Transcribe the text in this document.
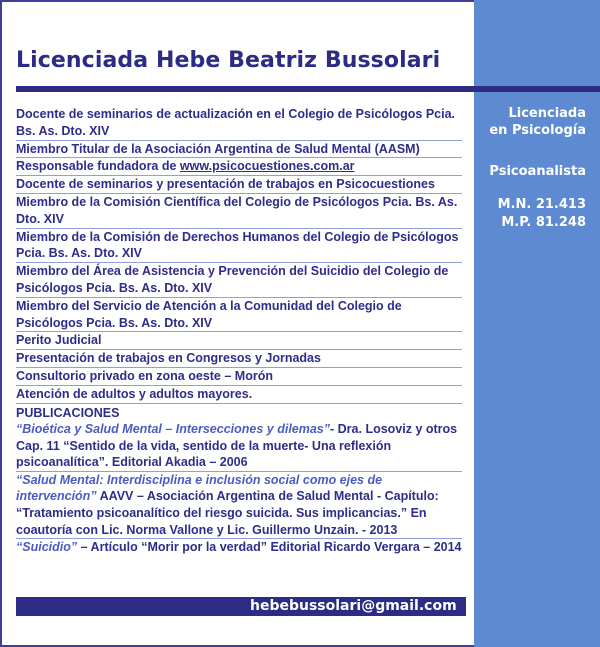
Licenciada Hebe Beatriz Bussolari
Docente de seminarios de actualización en el Colegio de Psicólogos Pcia. Bs. As. Dto. XIV
Miembro Titular de la Asociación Argentina de Salud Mental (AASM)
Responsable fundadora de www.psicocuestiones.com.ar
Docente de seminarios y presentación de trabajos en Psicocuestiones
Miembro de la Comisión Científica del Colegio de Psicólogos Pcia. Bs. As. Dto. XIV
Miembro de la Comisión de Derechos Humanos del Colegio de Psicólogos Pcia. Bs. As. Dto. XIV
Miembro del Área de Asistencia y Prevención del Suicidio del Colegio de Psicólogos Pcia. Bs. As. Dto. XIV
Miembro del Servicio de Atención a la Comunidad del Colegio de Psicólogos Pcia. Bs. As. Dto. XIV
Perito Judicial
Presentación de trabajos en Congresos y Jornadas
Consultorio privado en zona oeste – Morón
Atención de adultos y adultos mayores.
PUBLICACIONES
“Bioética y Salud Mental – Intersecciones y dilemas”- Dra. Losoviz y otros Cap. 11 “Sentido de la vida, sentido de la muerte- Una reflexión psicoanalítica”. Editorial Akadia – 2006
“Salud Mental: Interdisciplina e inclusión social como ejes de intervención” AAVV – Asociación Argentina de Salud Mental - Capítulo: “Tratamiento psicoanalítico del riesgo suicida. Sus implicancias.” En coautoría con Lic. Norma Vallone y Lic. Guillermo Unzain. - 2013
“Suicidio” – Artículo “Morir por la verdad” Editorial Ricardo Vergara – 2014
Licenciada
en Psicología
Psicoanalista
M.N. 21.413
M.P. 81.248
hebebussolari@gmail.com
